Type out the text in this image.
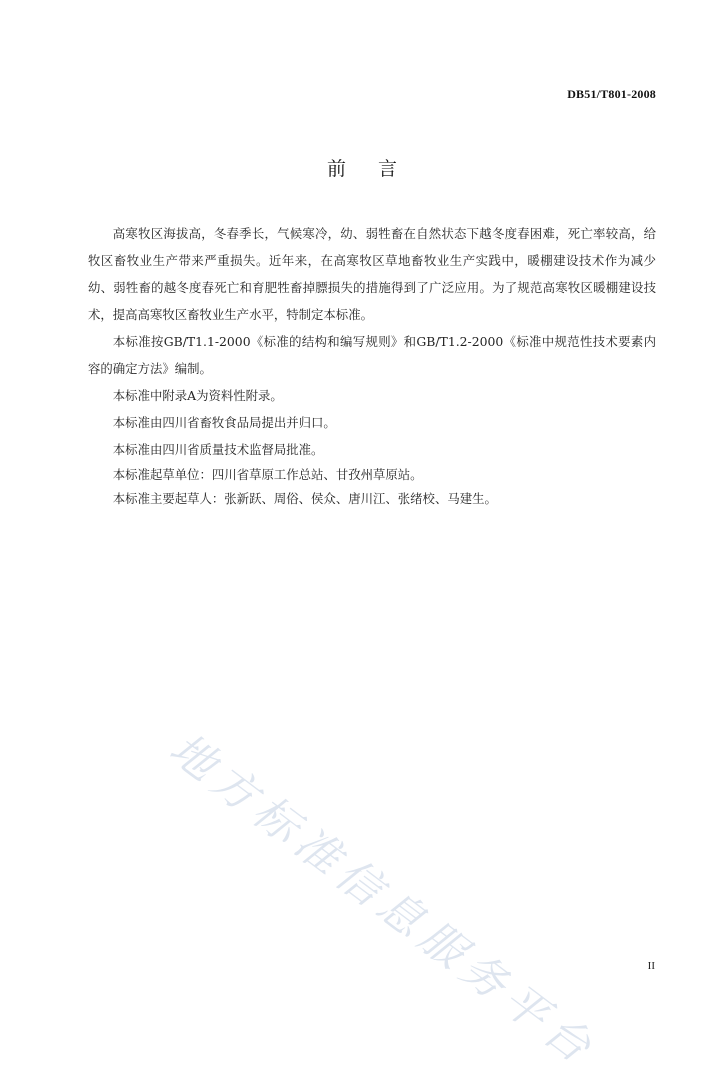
DB51/T801-2008
前言

高寒牧区海拔高，冬春季长，气候寒冷，幼、弱牲畜在自然状态下越冬度春困难，死亡率较高，给牧区畜牧业生产带来严重损失。近年来，在高寒牧区草地畜牧业生产实践中，暖棚建设技术作为减少幼、弱牲畜的越冬度春死亡和育肥牲畜掉膘损失的措施得到了广泛应用。为了规范高寒牧区暖棚建设技术，提高高寒牧区畜牧业生产水平，特制定本标准。

本标准按GB/T1.1-2000《标准的结构和编写规则》和GB/T1.2-2000《标准中规范性技术要素内容的确定方法》编制。

本标准中附录A为资料性附录。

本标准由四川省畜牧食品局提出并归口。

本标准由四川省质量技术监督局批准。

本标准起草单位：四川省草原工作总站、甘孜州草原站。

本标准主要起草人：张新跃、周俗、侯众、唐川江、张绪校、马建生。

地方标准信息服务平台	II
